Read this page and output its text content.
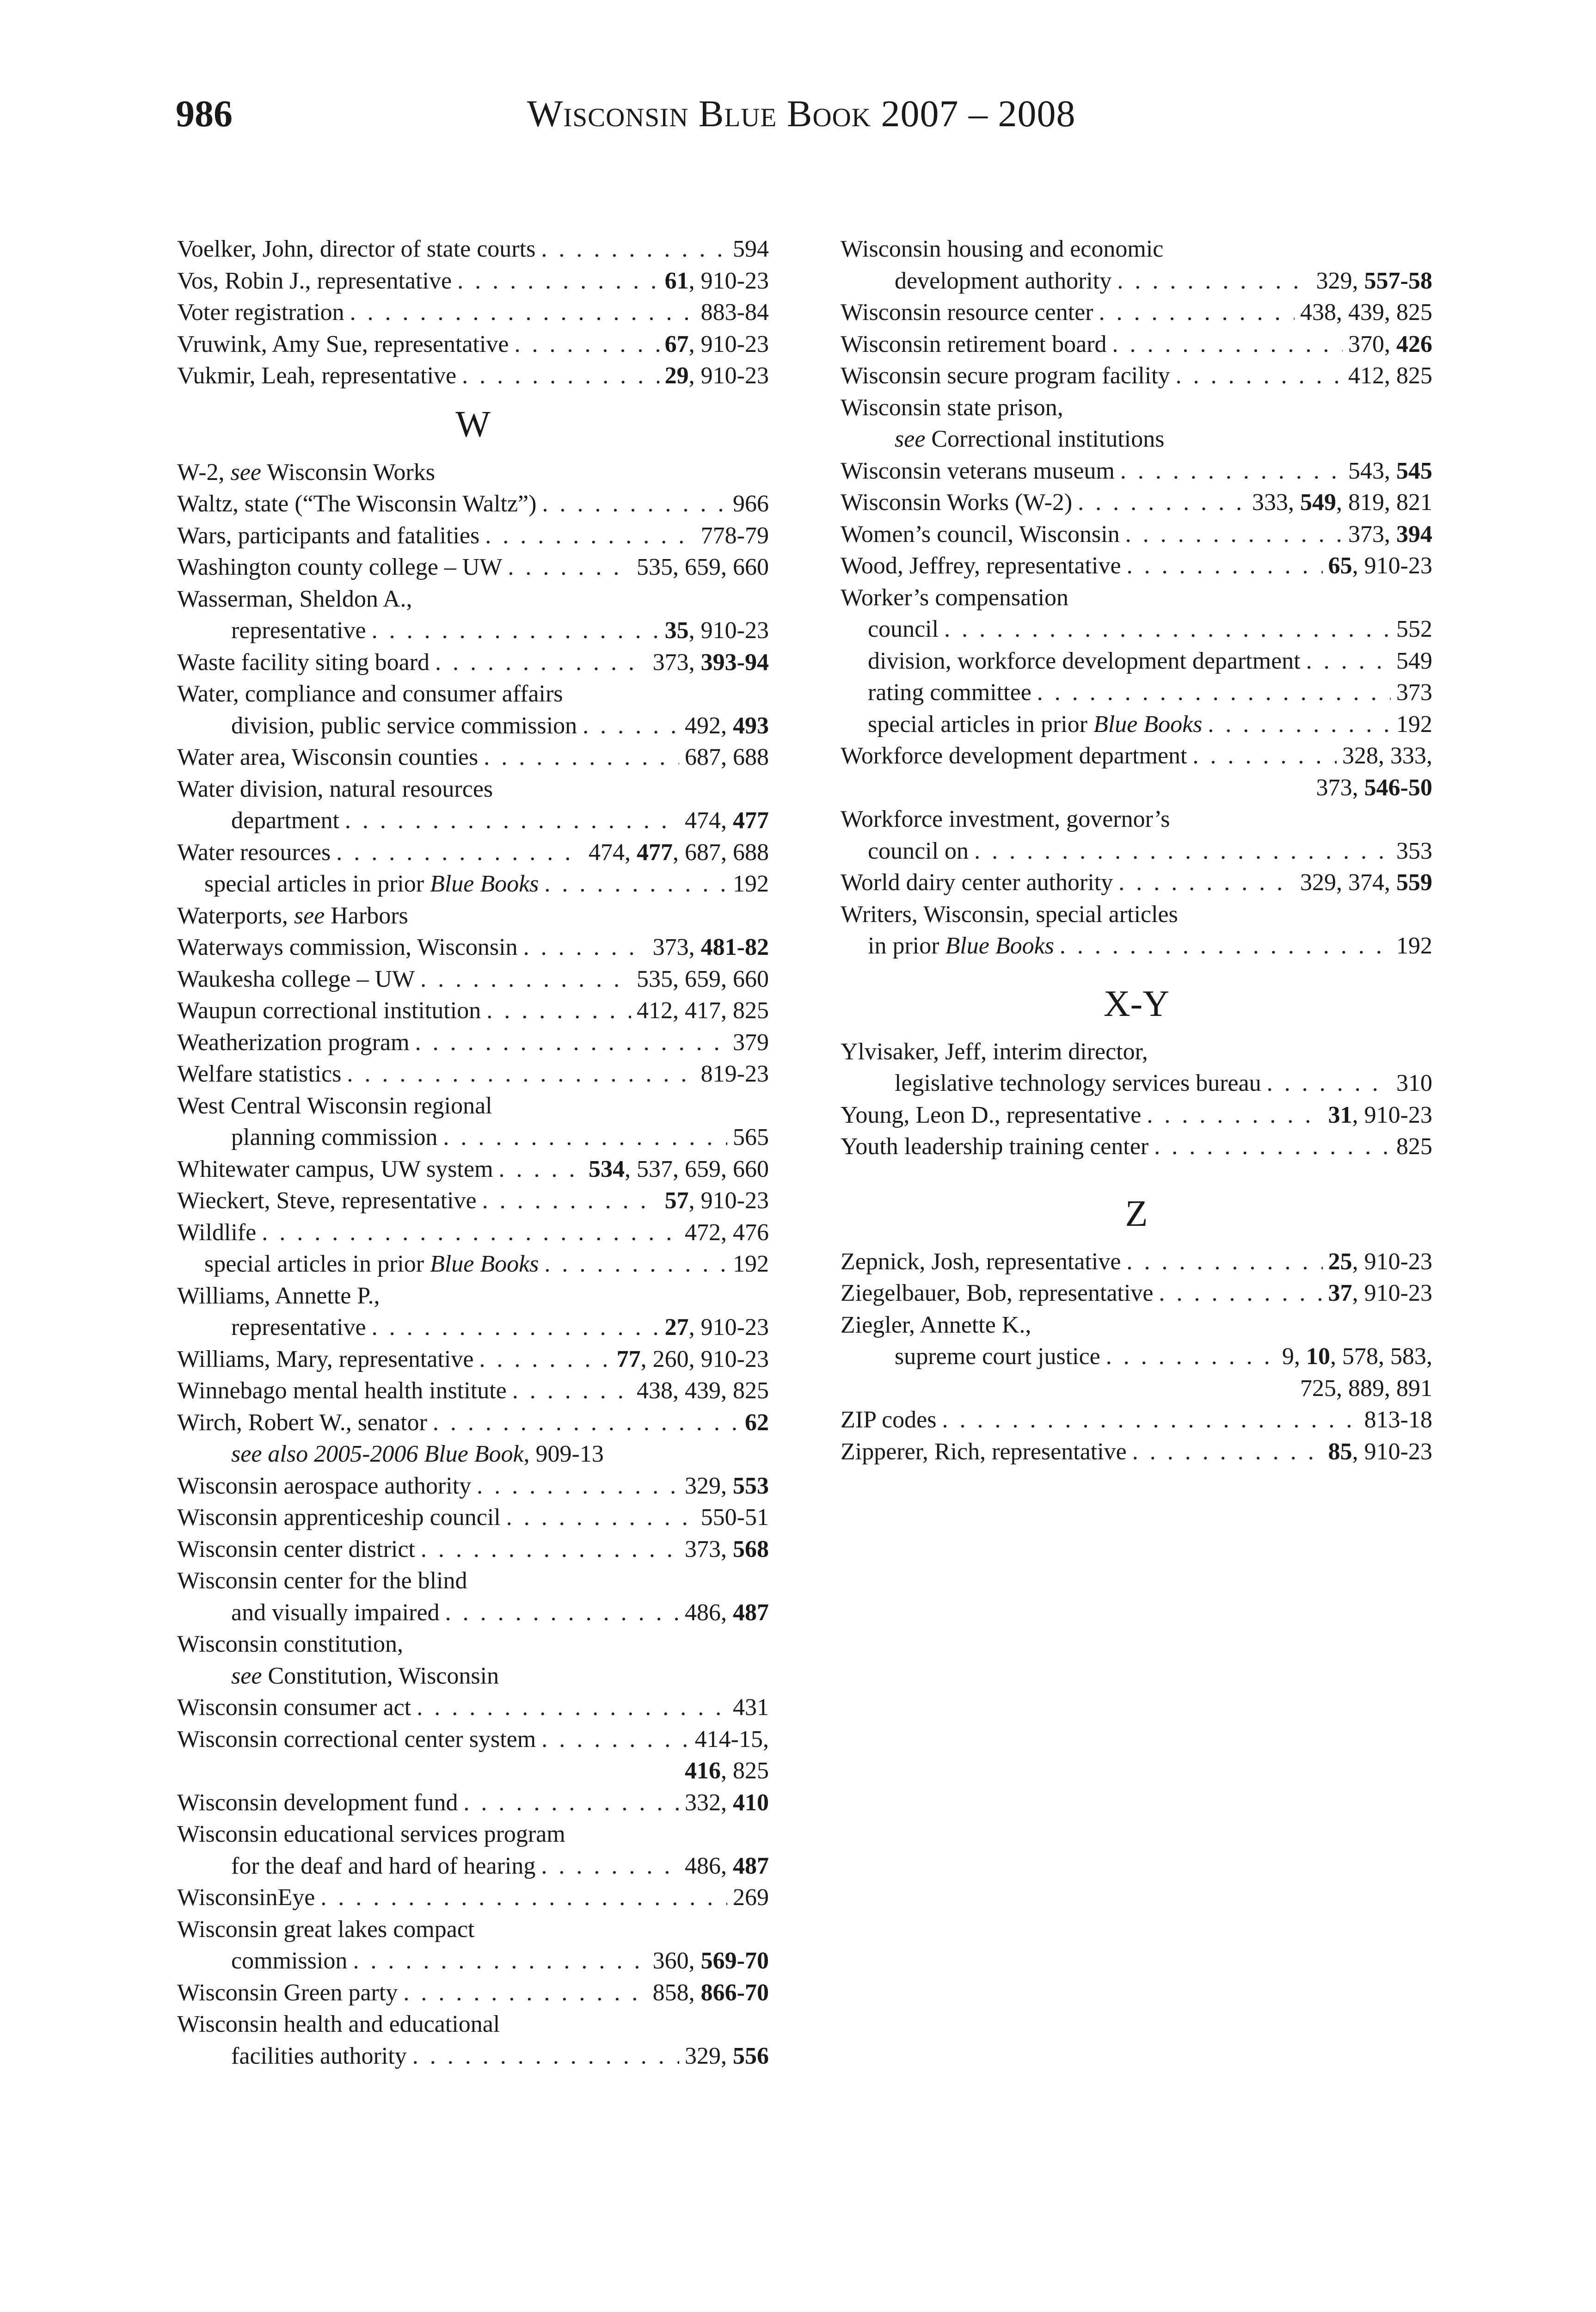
986	Wisconsin Blue Book 2007 – 2008
Voelker, John, director of state courts . . .	594
Vos, Robin J., representative . . .	61, 910-23
Voter registration . . .	883-84
Vruwink, Amy Sue, representative . . .	67, 910-23
Vukmir, Leah, representative . . .	29, 910-23
W
W-2, see Wisconsin Works
Waltz, state (“The Wisconsin Waltz”) . . .	966
Wars, participants and fatalities . . .	778-79
Washington county college – UW . . .	535, 659, 660
Wasserman, Sheldon A.,
representative . . .	35, 910-23
Waste facility siting board . . .	373, 393-94
Water, compliance and consumer affairs
division, public service commission . . .	492, 493
Water area, Wisconsin counties . . .	687, 688
Water division, natural resources
department . . .	474, 477
Water resources . . .	474, 477, 687, 688
special articles in prior Blue Books . . .	192
Waterports, see Harbors
Waterways commission, Wisconsin . . .	373, 481-82
Waukesha college – UW . . .	535, 659, 660
Waupun correctional institution . . .	412, 417, 825
Weatherization program . . .	379
Welfare statistics . . .	819-23
West Central Wisconsin regional
planning commission . . .	565
Whitewater campus, UW system . . .	534, 537, 659, 660
Wieckert, Steve, representative . . .	57, 910-23
Wildlife . . .	472, 476
special articles in prior Blue Books . . .	192
Williams, Annette P.,
representative . . .	27, 910-23
Williams, Mary, representative . . .	77, 260, 910-23
Winnebago mental health institute . . .	438, 439, 825
Wirch, Robert W., senator . . .	62
see also 2005-2006 Blue Book, 909-13
Wisconsin aerospace authority . . .	329, 553
Wisconsin apprenticeship council . . .	550-51
Wisconsin center district . . .	373, 568
Wisconsin center for the blind
and visually impaired . . .	486, 487
Wisconsin constitution,
see Constitution, Wisconsin
Wisconsin consumer act . . .	431
Wisconsin correctional center system . . .	414-15,
416, 825
Wisconsin development fund . . .	332, 410
Wisconsin educational services program
for the deaf and hard of hearing . . .	486, 487
WisconsinEye . . .	269
Wisconsin great lakes compact
commission . . .	360, 569-70
Wisconsin Green party . . .	858, 866-70
Wisconsin health and educational
facilities authority . . .	329, 556
Wisconsin housing and economic
development authority . . .	329, 557-58
Wisconsin resource center . . .	438, 439, 825
Wisconsin retirement board . . .	370, 426
Wisconsin secure program facility . . .	412, 825
Wisconsin state prison,
see Correctional institutions
Wisconsin veterans museum . . .	543, 545
Wisconsin Works (W-2) . . .	333, 549, 819, 821
Women’s council, Wisconsin . . .	373, 394
Wood, Jeffrey, representative . . .	65, 910-23
Worker’s compensation
council . . .	552
division, workforce development department . . .	549
rating committee . . .	373
special articles in prior Blue Books . . .	192
Workforce development department . . .	328, 333,
373, 546-50
Workforce investment, governor’s
council on . . .	353
World dairy center authority . . .	329, 374, 559
Writers, Wisconsin, special articles
in prior Blue Books . . .	192
X-Y
Ylvisaker, Jeff, interim director,
legislative technology services bureau . . .	310
Young, Leon D., representative . . .	31, 910-23
Youth leadership training center . . .	825
Z
Zepnick, Josh, representative . . .	25, 910-23
Ziegelbauer, Bob, representative . . .	37, 910-23
Ziegler, Annette K.,
supreme court justice . . .	9, 10, 578, 583,
725, 889, 891
ZIP codes . . .	813-18
Zipperer, Rich, representative . . .	85, 910-23
